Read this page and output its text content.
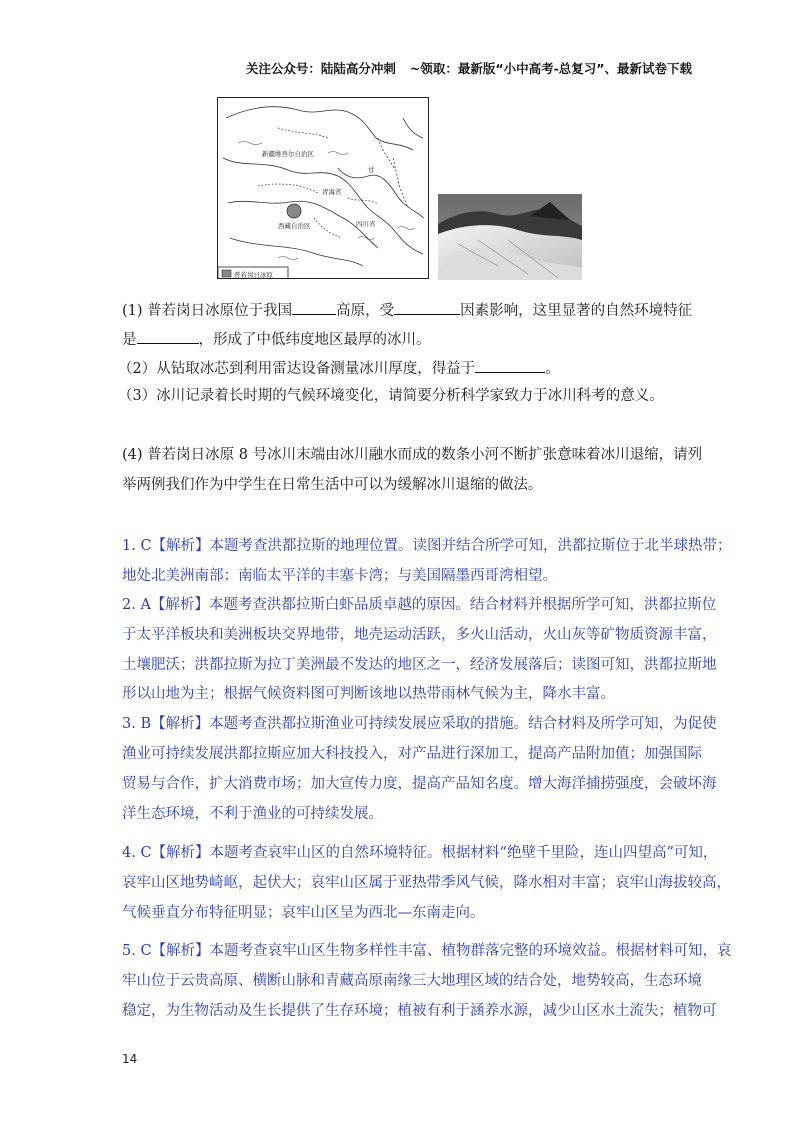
关注公众号：陆陆高分冲刺 ~领取：最新版“小中高考-总复习”、最新试卷下载
新疆维吾尔自治区
青海省
甘
西藏自治区	四川省
普若岗日冰原
(1) 普若岗日冰原位于我国	高原，受	因素影响，这里显著的自然环境特征
是	，形成了中低纬度地区最厚的冰川。
（2）从钻取冰芯到利用雷达设备测量冰川厚度，得益于	。
（3）冰川记录着长时期的气候环境变化，请简要分析科学家致力于冰川科考的意义。
(4) 普若岗日冰原 8 号冰川末端由冰川融水而成的数条小河不断扩张意味着冰川退缩，请列
举两例我们作为中学生在日常生活中可以为缓解冰川退缩的做法。
1. C【解析】本题考查洪都拉斯的地理位置。读图并结合所学可知，洪都拉斯位于北半球热带；
地处北美洲南部；南临太平洋的丰塞卡湾；与美国隔墨西哥湾相望。
2. A【解析】本题考查洪都拉斯白虾品质卓越的原因。结合材料并根据所学可知，洪都拉斯位
于太平洋板块和美洲板块交界地带，地壳运动活跃，多火山活动，火山灰等矿物质资源丰富，
土壤肥沃；洪都拉斯为拉丁美洲最不发达的地区之一，经济发展落后；读图可知，洪都拉斯地
形以山地为主；根据气候资料图可判断该地以热带雨林气候为主，降水丰富。
3. B【解析】本题考查洪都拉斯渔业可持续发展应采取的措施。结合材料及所学可知，为促使
渔业可持续发展洪都拉斯应加大科技投入，对产品进行深加工，提高产品附加值；加强国际
贸易与合作，扩大消费市场；加大宣传力度，提高产品知名度。增大海洋捕捞强度，会破坏海
洋生态环境，不利于渔业的可持续发展。
4. C【解析】本题考查哀牢山区的自然环境特征。根据材料“绝壁千里险，连山四望高”可知，
哀牢山区地势崎岖，起伏大；哀牢山区属于亚热带季风气候，降水相对丰富；哀牢山海拔较高，
气候垂直分布特征明显；哀牢山区呈为西北—东南走向。
5. C【解析】本题考查哀牢山区生物多样性丰富、植物群落完整的环境效益。根据材料可知，哀
牢山位于云贵高原、横断山脉和青藏高原南缘三大地理区域的结合处，地势较高，生态环境
稳定，为生物活动及生长提供了生存环境；植被有利于涵养水源，减少山区水土流失；植物可
14
